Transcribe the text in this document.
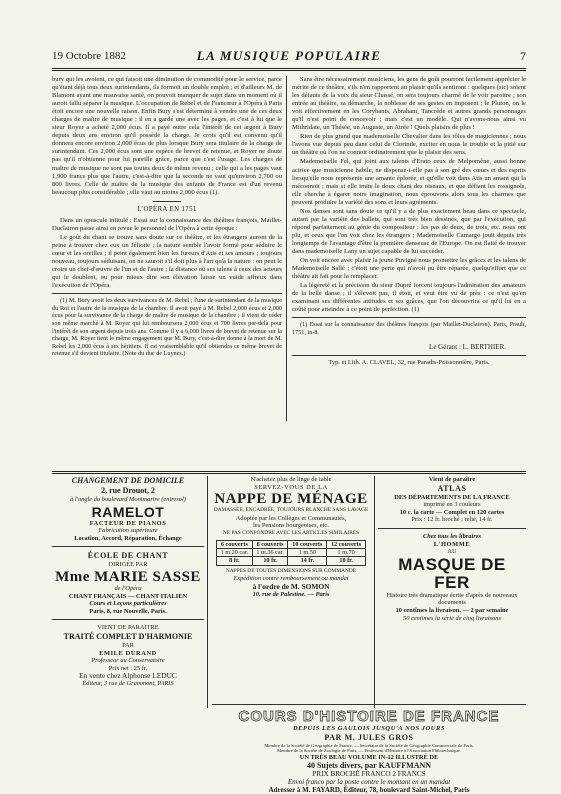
19 Octobre 1882	LA MUSIQUE POPULAIRE	7

bury qui les avoient, ce qui faisoit une diminution de commodité pour le service, parce qu'étant déjà tous deux surintendants, ils formoit un double emploi ; et d'ailleurs M. de Blamont ayant une mauvaise santé, on pouvoit manquer de sujet dans un moment où il auroit fallu séparer la musique. L'occupation de Rebel et de Francœur à l'Opéra à Paris étoit encore une nouvelle raison. Enfin Bury s'est déterminé à vendre une de ces deux charges de maître de musique ; il en a gardé une avec les pages, et c'est à lui que le sieur Royer a acheté 2,000 écus. Il a payé outre cela l'intérêt de cet argent à Bury depuis deux ans environ qu'il possède la charge. Je crois qu'il est convenu qu'il donnera encore environ 2,000 écus de plus lorsque Bury sera titulaire de la charge de surintendant. Ces 2,000 écus sont une espèce de brevet de retenue, et Royer ne doute pas qu'il n'obtienne pour lui pareille grâce, parce que c'est l'usage. Les charges de maître de musique ne sont pas toutes deux de même revenu ; celle qui a les pages vaut 1,900 francs plus que l'autre, c'est-à-dire que la seconde ne vaut qu'environ 2,700 ou 800 livres. Celle de maître de la musique des enfants de France est d'un revenu beaucoup plus considérable ; elle vaut au moins 2,000 écus (1).

L'OPÉRA EN 1751

Dans un opuscule intitulé : Essai sur la connaissance des théâtres françois, Maillet-Duclairon passe ainsi en revue le personnel de l'Opéra à cette époque :

Le goût du chant se trouve sans doute sur ce théâtre, et les étrangers auront de la peine à trouver chez eux un Jéliotte ; la nature semble l'avoir formé pour séduire le cœur et les oreilles ; il peint également bien les fureurs d'Atis et ses amours ; toujours nouveau, toujours séduisant, on ne sauroit s'il doit plus à l'art qu'à la nature : on peut le croire un chef-d'œuvre de l'un et de l'autre ; la distance où ses talens à ceux des acteurs qui le doublent, ou pour mieux dire son élévation laisse un vuide affreux dans l'exécution de l'Opéra.

(1) M. Bury avoit les deux survivances de M. Rebel ; l'une de surintendant de la musique du Roi et l'autre de la musique de la chambre. Il avoit payé à M. Rebel 2,000 écus et 2,000 écus pour la survivance de la charge de maître de musique de la chambre ; il vient de céder son même marché à M. Royer qui lui remboursera 2,000 écus et 700 livres par-delà pour l'intérêt de son argent depuis trois ans. Comme il y a 6,000 livres de brevet de retenue sur la charge, M. Royer tient le même engagement que M. Bury, c'est-à-dire donne à la mort de M. Rebel les 2,000 écus à ses héritiers. Il est vraisemblable qu'il obtiendra ce même brevet de retenue s'il devient titulaire. (Note du duc de Luynes.)

Sans être nécessairement musiciens, les gens de goût pourront facilement apprécier le mérite de ce théâtre, s'ils n'en rapportent au plaisir qu'ils sentiront : quelques (sic) soient les défauts de la voix du sieur Chassé, on sera toujours charmé de le voir paroitre ; son entrée au théâtre, sa démarche, la noblesse de ses gestes en imposent ; le Pluton, on le voit effectivement en les Corybants, Abraham, Tancrède et autres grands personnages qu'il n'est point de concevoir ; mais c'est un modèle. Qui n'avons-nous ainsi vu Mithridate, un Thésée, un Auguste, un Atrée ! Quels plaisirs de plus !

Rien de plus grand que mademoiselle Chevalier dans les rôles de magiciennes ; nous l'avons vue depuis peu dans celui de Clorinde, exciter en nous le trouble et la pitié sur un théâtre où l'on ne connoit ordinairement que le plaisir des sens.

Mademoiselle Fel, qui joint aux talents d'Erato ceux de Melpomène, aussi bonne actrice que musicienne habile, ne dispense-t-elle pas à son gré des cœurs et des esprits lorsqu'elle nous représente une amante éplorée, et qu'elle voit dans Atis un amant qui la méconnoit ; mais si elle imite le doux chant des oiseaux, et que défiant les rossignols, elle cherche à égarer notre imagination, nous éprouvons alors tous les charmes que peuvent produire la variété des sons et leurs agréments.

Nos danses sont sans doute ce qu'il y a de plus exactement beau dans ce spectacle, autant par la variété des ballets, qui sont très bien dessinés, que par l'exécution, qui répond parfaitement au génie du compositeur : les pas de deux, de trois, etc. nous ont plu, et ceux que l'on voit chez les étrangers ; Mademoiselle Camargo jouit depuis très longtemps de l'avantage d'être la première danseuse de l'Europe. On est flatté de trouver dans mademoiselle Lany un sujet capable de lui succéder.

On voit encore avec plaisir la jeune Puvigné nous promettre les grâces et les talens de Mademoiselle Sallé ; c'étoit une perte qui n'avoit pu être réparée, quelqu'effort que ce théâtre ait fait pour la remplacer.

La légèreté et la précision du sieur Dupré forcent toujours l'admiration des amateurs de la belle danse ; il s'élevoit pas, il étoit, et veut être vu de près : ce n'est qu'en examinant ses différentes attitudes et ses grâces, que l'on découvrira ce qu'il lui en a coûté pour atteindre à ce point de perfection. (1)

(1) Essai sur la connaissance des théâtres françois (par Maillet-Duclairon). Paris, Prault, 1751, in-8.

Le Gérant : L. BERTHIER.
Typ. et Lith. A. CLAVEL, 32, rue Paradis-Poissonnière, Paris.
CHANGEMENT DE DOMICILE
2, rue Drouot, 2
à l'angle du boulevard Montmartre (entresol)
RAMELOT
FACTEUR DE PIANOS
Fabrication supérieure
Location, Accord, Réparation, Échange
ÉCOLE DE CHANT
DIRIGÉE PAR
Mme MARIE SASSE
de l'Opéra
CHANT FRANÇAIS — CHANT ITALIEN
Cours et Leçons particulières
Paris, 8, rue Nouvelle, Paris.
VIENT DE PARAITRE
TRAITÉ COMPLET D'HARMONIE
PAR
EMILE DURAND
Professeur au Conservatoire
Prix net : 25 fr.
En vente chez Alphonse LEDUC
Éditeur, 3 rue de Grammont, PARIS
N'achetez plus de linge de table
SERVEZ-VOUS DE LA
NAPPE DE MÉNAGE
DAMASSÉE, ENCADRÉE, TOUJOURS BLANCHE SANS LAVAGE
Adoptée par les Collèges et Communautés,
les Pensions bourgeoises, etc.
NE PAS CONFONDRE AVEC LES ARTICLES SIMILAIRES
6 couverts	8 couverts	10 couverts	12 couverts
1 m.20 car.	1 m.36 car.	1 m.50	1 m.70
8 fr.	10 fr.	14 fr.	18 fr.
NAPPES DE TOUTES DIMENSIONS SUR COMMANDE
Expédition contre remboursement ou mandat
à l'ordre de M. SOMON
10, rue de Palestine. — Paris
Vient de paraître
ATLAS
DES DÉPARTEMENTS DE LA FRANCE
imprimé en 3 couleurs
10 c. la carte — Complet en 120 cartes
Prix : 12 fr. broché ; relié, 14 fr.
Chez tous les libraires
L'HOMME
AU
MASQUE DE FER
Histoire très dramatique écrite d'après de nouveaux documents
10 centimes la livraison, — 2 par semaine
50 centimes la série de cinq livraisons
COURS D'HISTOIRE DE FRANCE
DEPUIS LES GAULOIS JUSQU'A NOS JOURS
PAR M. JULES GROS
Membre de la Société de Géographie de France, — Secrétaire de la Société de Géographie Commerciale de Paris,
Membre de la Société de Zoologie de Paris, — Professeur d'Histoire à l'Association Philotechnique.
UN TRÈS BEAU VOLUME IN-12 ILLUSTRÉ DE
40 Sujets divers, par KAUFFMANN
PRIX BROCHÉ FRANCO 2 FRANCS
Envoi franco par la poste contre le montant en un mandat
Adresser à M. FAYARD, Éditeur, 78, boulevard Saint-Michel, Paris
